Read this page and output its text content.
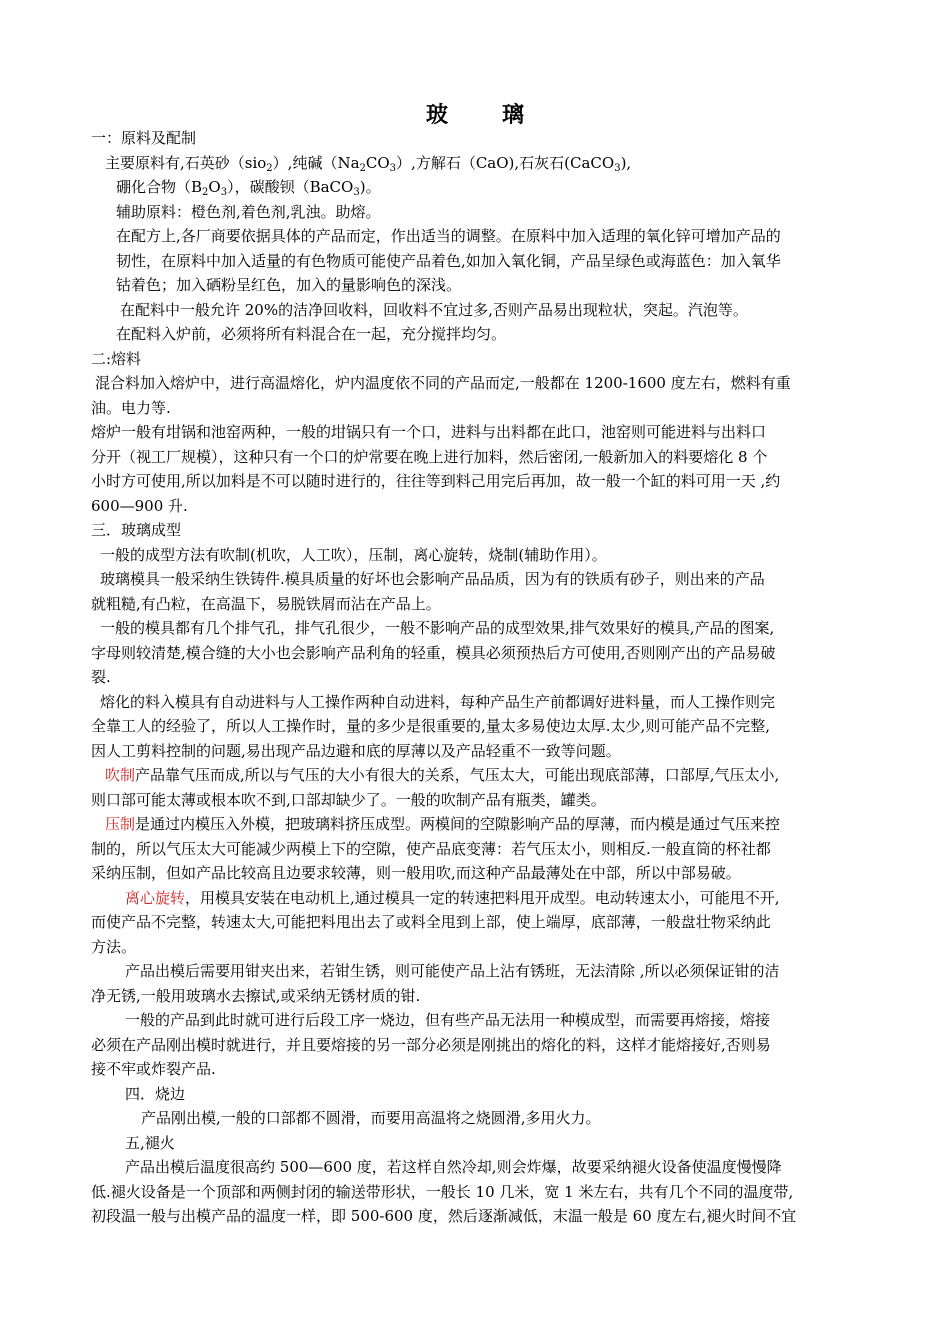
玻 璃
一：原料及配制
主要原料有,石英砂（sio$_2$）,纯碱$(Na_2CO_3)$,方解石（CaO),石灰石(CaCO$_3$),
硼化合物$(B_2O_3)$，碳酸钡（BaCO$_3$)。
辅助原料：橙色剂,着色剂,乳浊。助熔。
在配方上,各厂商要依据具体的产品而定，作出适当的调整。在原料中加入适理的氧化锌可增加产品的
韧性，在原料中加入适量的有色物质可能使产品着色,如加入氧化铜，产品呈绿色或海蓝色：加入氧华
钴着色；加入硒粉呈红色，加入的量影响色的深浅。
在配料中一般允许 20%的洁净回收料，回收料不宜过多,否则产品易出现粒状，突起。汽泡等。
在配料入炉前，必须将所有料混合在一起，充分搅拌均匀。
二:熔料
混合料加入熔炉中，进行高温熔化，炉内温度依不同的产品而定,一般都在 1200-1600 度左右，燃料有重
油。电力等.
熔炉一般有坩锅和池窑两种，一般的坩锅只有一个口，进料与出料都在此口，池窑则可能进料与出料口
分开（视工厂规模），这种只有一个口的炉常要在晚上进行加料，然后密闭,一般新加入的料要熔化 8 个
小时方可使用,所以加料是不可以随时进行的，往往等到料己用完后再加，故一般一个缸的料可用一天 ,约
600—900 升.
三．玻璃成型
一般的成型方法有吹制(机吹，人工吹），压制，离心旋转，烧制(辅助作用）。
玻璃模具一般采纳生铁铸件.模具质量的好坏也会影响产品品质，因为有的铁质有砂子，则出来的产品
就粗糙,有凸粒，在高温下，易脱铁屑而沾在产品上。
一般的模具都有几个排气孔，排气孔很少，一般不影响产品的成型效果,排气效果好的模具,产品的图案,
字母则较清楚,模合缝的大小也会影响产品利角的轻重，模具必须预热后方可使用,否则刚产出的产品易破
裂.
熔化的料入模具有自动进料与人工操作两种自动进料，每种产品生产前都调好进料量，而人工操作则完
全靠工人的经验了，所以人工操作时，量的多少是很重要的,量太多易使边太厚.太少,则可能产品不完整,
因人工剪料控制的问题,易出现产品边避和底的厚薄以及产品轻重不一致等问题。
吹制产品靠气压而成,所以与气压的大小有很大的关系，气压太大，可能出现底部薄，口部厚,气压太小,
则口部可能太薄或根本吹不到,口部却缺少了。一般的吹制产品有瓶类，罐类。
压制是通过内模压入外模，把玻璃料挤压成型。两模间的空隙影响产品的厚薄，而内模是通过气压来控
制的，所以气压太大可能减少两模上下的空隙，使产品底变薄：若气压太小，则相反.一般直筒的杯社都
采纳压制，但如产品比较高且边要求较薄，则一般用吹,而这种产品最薄处在中部，所以中部易破。
离心旋转，用模具安装在电动机上,通过模具一定的转速把料甩开成型。电动转速太小，可能甩不开,
而使产品不完整，转速太大,可能把料甩出去了或料全甩到上部，使上端厚，底部薄，一般盘壮物采纳此
方法。
产品出模后需要用钳夹出来，若钳生锈，则可能使产品上沾有锈班，无法清除 ,所以必须保证钳的洁
净无锈,一般用玻璃水去擦试,或采纳无锈材质的钳.
一般的产品到此时就可进行后段工序一烧边，但有些产品无法用一种模成型，而需要再熔接，熔接
必须在产品刚出模时就进行，并且要熔接的另一部分必须是刚挑出的熔化的料，这样才能熔接好,否则易
接不牢或炸裂产品.
四．烧边
产品刚出模,一般的口部都不圆滑，而要用高温将之烧圆滑,多用火力。
五,褪火
产品出模后温度很高约 500—600 度，若这样自然冷却,则会炸爆，故要采纳褪火设备使温度慢慢降
低.褪火设备是一个顶部和两侧封闭的输送带形状，一般长 10 几米，宽 1 米左右，共有几个不同的温度带,
初段温一般与出模产品的温度一样，即 500-600 度，然后逐渐减低，末温一般是 60 度左右,褪火时间不宜
